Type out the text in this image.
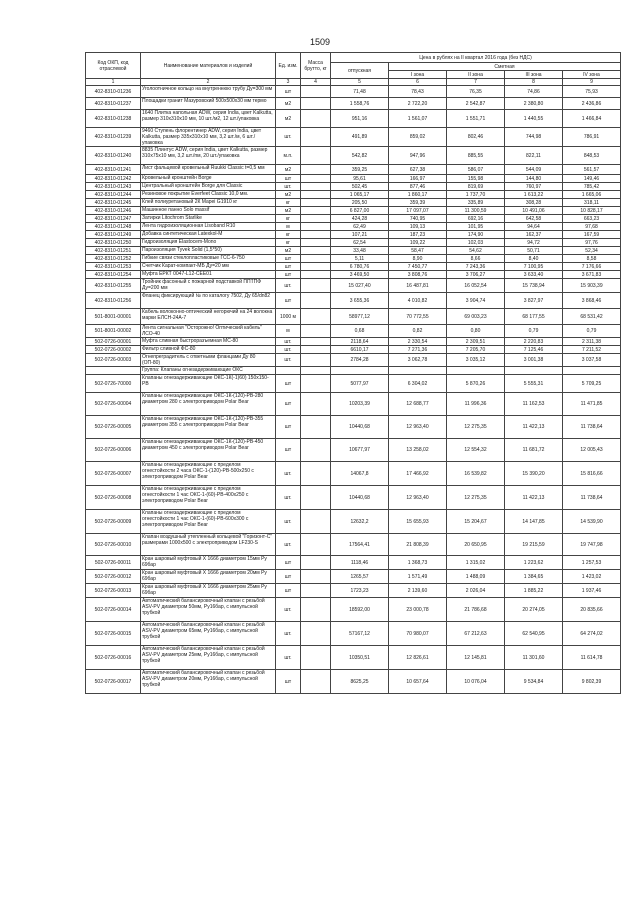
1509
Код ОКП, код отраслевой	Наименование материалов и изделий	Ед. изм.	Масса брутто, кг	Цена в рублях на II квартал 2016 года (без НДС)				
				отпускная	Сметная			
					I зона	II зона	III зона	IV зона
1	2	3	4	5	6	7	8	9
402-8310-01236	Уголоотничное кольцо на внутреннюю трубу Ду=300 мм	шт		71,48	78,43	76,35	74,86	75,93
402-8310-01237	Площадки гранит Мазуровский 500х500х30 мм термо	м2		1 558,76	2 722,20	2 542,87	2 380,80	2 436,86
402-8310-01238	1640 Плитка напольная ADW, серия India, цвет Kalkutta, размер 310х310х10 мм, 10 шт./м2, 12 шт./упаковка	м2		951,16	1 561,07	1 551,71	1 440,55	1 466,84
402-8310-01239	9460 Ступень флорентинер ADW, серия India, цвет Kalkutta, размер 335х310х10 мм, 3,2 шт./м, 6 шт./упаковка	шт.		491,89	859,02	802,46	744,98	786,91
402-8310-01240	8835 Плинтус ADW, серия India, цвет Kalkutta, размер 310х75х10 мм, 3,2 шт./пм, 20 шт./упаковка	м.п.		542,82	947,96	885,55	822,11	848,53
402-8310-01241	Лист фальцевой кровельный Ruukki Classic t=0,5 мм	м2		359,25	627,38	586,07	544,09	561,57
402-8310-01242	Кровельный кронштейн Borge	шт		95,61	166,97	155,98	144,80	149,46
402-8310-01243	Центральный кронштейн Borge для Classic	шт.		502,45	877,46	819,69	760,97	785,42
402-8310-01244	Резиновое покрытие Everfeet Classic 10,0 мм.	м2		1 065,17	1 860,17	1 737,70	1 613,22	1 665,06
402-8310-01245	Клей полиуретановый 2К Mapei G1910 кг	кг		205,50	359,39	335,89	308,28	318,11
402-8310-01246	Машинное панно Solo massif	м2		6 827,00	17 097,07	11 300,59	10 491,06	10 828,17
402-8310-01247	Затирки Litochrom Starlike	кг		424,28	740,95	692,16	642,58	663,23
402-8310-01248	Лента гидроизоляционная Lisoband R10	м		62,49	109,13	101,95	94,64	97,68
402-8310-01249	Добавка синтетическая Latexkol-M	кг		107,21	187,23	174,90	162,37	167,59
402-8310-01250	Гидроизоляция Elastocem-Mono	кг		62,54	109,22	102,03	94,72	97,76
402-8310-01251	Пароизоляция Tyvek Solid (1,5*50)	м2		33,48	58,47	54,62	50,71	52,34
402-8310-01252	Гибкие связи стеклопластиковые ГСС-6-750	шт		5,11	8,90	8,66	8,40	8,58
402-8310-01253	Счетчик Карат-компакт-МБ Ду=20 мм	шт		6 780,76	7 450,77	7 243,36	7 100,95	7 176,66
402-8310-01254	Муфта ЕРКТ 0047-L12-CEE01	шт		3 469,50	3 808,76	3 706,27	3 633,40	3 671,83
402-8310-01255	Тройник фасонный с пожарной подставкой ППТПФ Ду=200 мм	шт.		15 027,40	16 487,81	16 052,54	15 738,94	15 903,39
402-8310-01256	Фланец фиксирующий № по каталогу 7502, Ду 65/dn82	шт		3 655,36	4 010,82	3 904,74	3 827,97	3 868,46
501-8001-00001	Кабель волоконно-оптический негорючий на 24 волокна марки ЕЛСН-24А-7	1000 м		58977,12	70 772,55	69 003,23	68 177,55	68 531,42
501-8001-00002	Лента сигнальная "Осторожно! Оптический кабель" ЛСО-40	м		0,68	0,82	0,80	0,79	0,79
502-0726-00001	Муфта сливная быстроразъемная МС-80	шт.		2118,64	2 330,54	2 309,51	2 220,83	2 311,38
502-0726-00002	Фильтр сливной ФС-80	шт.		6610,17	7 271,36	7 205,70	7 125,46	7 211,52
502-0726-00003	Огнепреградитель с ответными фланцами Ду 80 (ОП-80)	шт.		2784,28	3 062,78	3 035,12	3 001,38	3 037,58
	Группа: Клапаны огнезадерживающие ОКС							
502-0726-70000	Клапаны огнезадерживающие ОКС-1К(-1)60) 150х150-РВ	шт		5077,97	6 304,02	5 870,26	5 555,31	5 709,25
502-0726-00004	Клапаны огнезадерживающие ОКС-1К-(120)-РВ-280 диаметром 280 с электроприводом Polar Bear	шт		10203,39	12 688,77	11 996,36	11 162,53	11 471,85
502-0726-00005	Клапаны огнезадерживающие ОКС-1К-(120)-РВ-355 диаметром 355 с электроприводом Polar Bear	шт		10440,68	12 963,40	12 275,35	11 422,13	11 738,64
502-0726-00006	Клапаны огнезадерживающие ОКС-1К-(120)-РВ-450 диаметром 450 с электроприводом Polar Bear	шт		10677,97	13 258,02	12 554,32	11 681,72	12 005,43
502-0726-00007	Клапаны огнезадерживающие с пределом огнестойкости 2 часа ОКС-1-(120)-РВ-500х250 с электроприводом Polar Bear	шт.		14067,8	17 466,92	16 539,82	15 390,20	15 816,66
502-0726-00008	Клапаны огнезадерживающие с пределом огнестойкости 1 час ОКС-1-(60)-РВ-400х250 с электроприводом Polar Bear	шт.		10440,68	12 963,40	12 275,35	11 422,13	11 738,64
502-0726-00009	Клапаны огнезадерживающие с пределом огнестойкости 1 час ОКС-1-(60)-РВ-600х300 с электроприводом Polar Bear	шт.		12632,2	15 655,93	15 204,67	14 147,85	14 539,90
502-0726-00010	Клапан воздушный утепленный кольцевой "Горизонт-С" размерами 1000х500 с электроприводом LF230-S	шт.		17564,41	21 808,39	20 650,95	19 215,59	19 747,98
502-0726-00011	Кран шаровый муфтовый X 1666 диаметром 15мм Ру 69бар	шт		1118,46	1 368,73	1 315,02	1 223,62	1 257,53
502-0726-00012	Кран шаровый муфтовый X 1666 диаметром 20мм Ру 69бар	шт		1265,57	1 571,49	1 488,09	1 384,65	1 423,02
502-0726-00013	Кран шаровый муфтовый X 1666 диаметром 25мм Ру 69бар	шт		1723,23	2 139,60	2 026,04	1 885,22	1 937,46
502-0726-00014	Автоматический балансировочный клапан с резьбой ASV-PV диаметром 50мм, Ру16бар, с импульсной трубкой	шт.		18592,00	23 000,78	21 786,68	20 274,05	20 835,66
502-0726-00015	Автоматический балансировочный клапан с резьбой ASV-PV диаметром 65мм, Ру16бар, с импульсной трубкой	шт.		57167,12	70 980,07	67 212,63	62 540,95	64 274,02
502-0726-00016	Автоматический балансировочный клапан с резьбой ASV-PV диаметром 25мм, Ру16бар, с импульсной трубкой	шт.		10350,51	12 826,61	12 145,81	11 301,60	11 614,78
502-0726-00017	Автоматический балансировочный клапан с резьбой ASV-PV диаметром 20мм, Ру16бар, с импульсной трубкой	шт		8625,25	10 657,64	10 076,04	9 534,84	9 802,39
